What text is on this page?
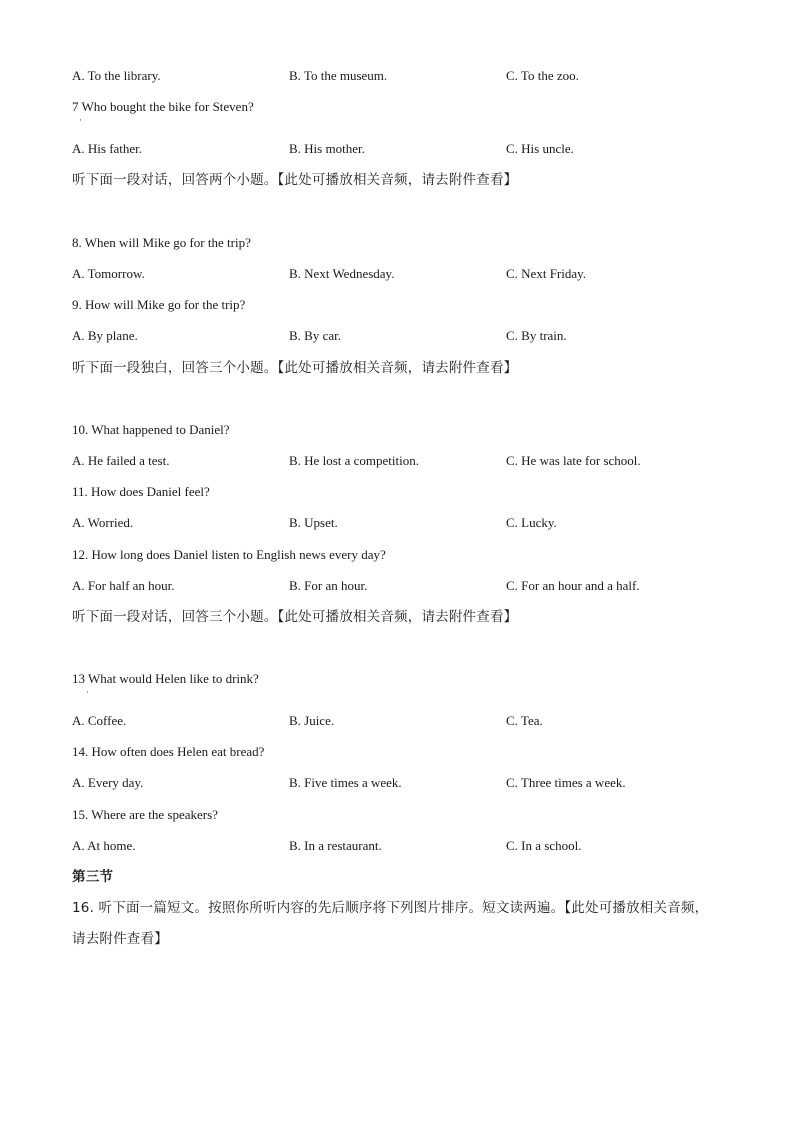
A. To the library.	B. To the museum.	C. To the zoo.
7 Who bought the bike for Steven?
·
A. His father.	B. His mother.	C. His uncle.
听下面一段对话，回答两个小题。【此处可播放相关音频，请去附件查看】
8. When will Mike go for the trip?
A. Tomorrow.	B. Next Wednesday.	C. Next Friday.
9. How will Mike go for the trip?
A. By plane.	B. By car.	C. By train.
听下面一段独白，回答三个小题。【此处可播放相关音频，请去附件查看】
10. What happened to Daniel?
A. He failed a test.	B. He lost a competition.	C. He was late for school.
11. How does Daniel feel?
A. Worried.	B. Upset.	C. Lucky.
12. How long does Daniel listen to English news every day?
A. For half an hour.	B. For an hour.	C. For an hour and a half.
听下面一段对话，回答三个小题。【此处可播放相关音频，请去附件查看】
13 What would Helen like to drink?
·
A. Coffee.	B. Juice.	C. Tea.
14. How often does Helen eat bread?
A. Every day.	B. Five times a week.	C. Three times a week.
15. Where are the speakers?
A. At home.	B. In a restaurant.	C. In a school.
第三节
16. 听下面一篇短文。按照你所听内容的先后顺序将下列图片排序。短文读两遍。【此处可播放相关音频，
请去附件查看】
